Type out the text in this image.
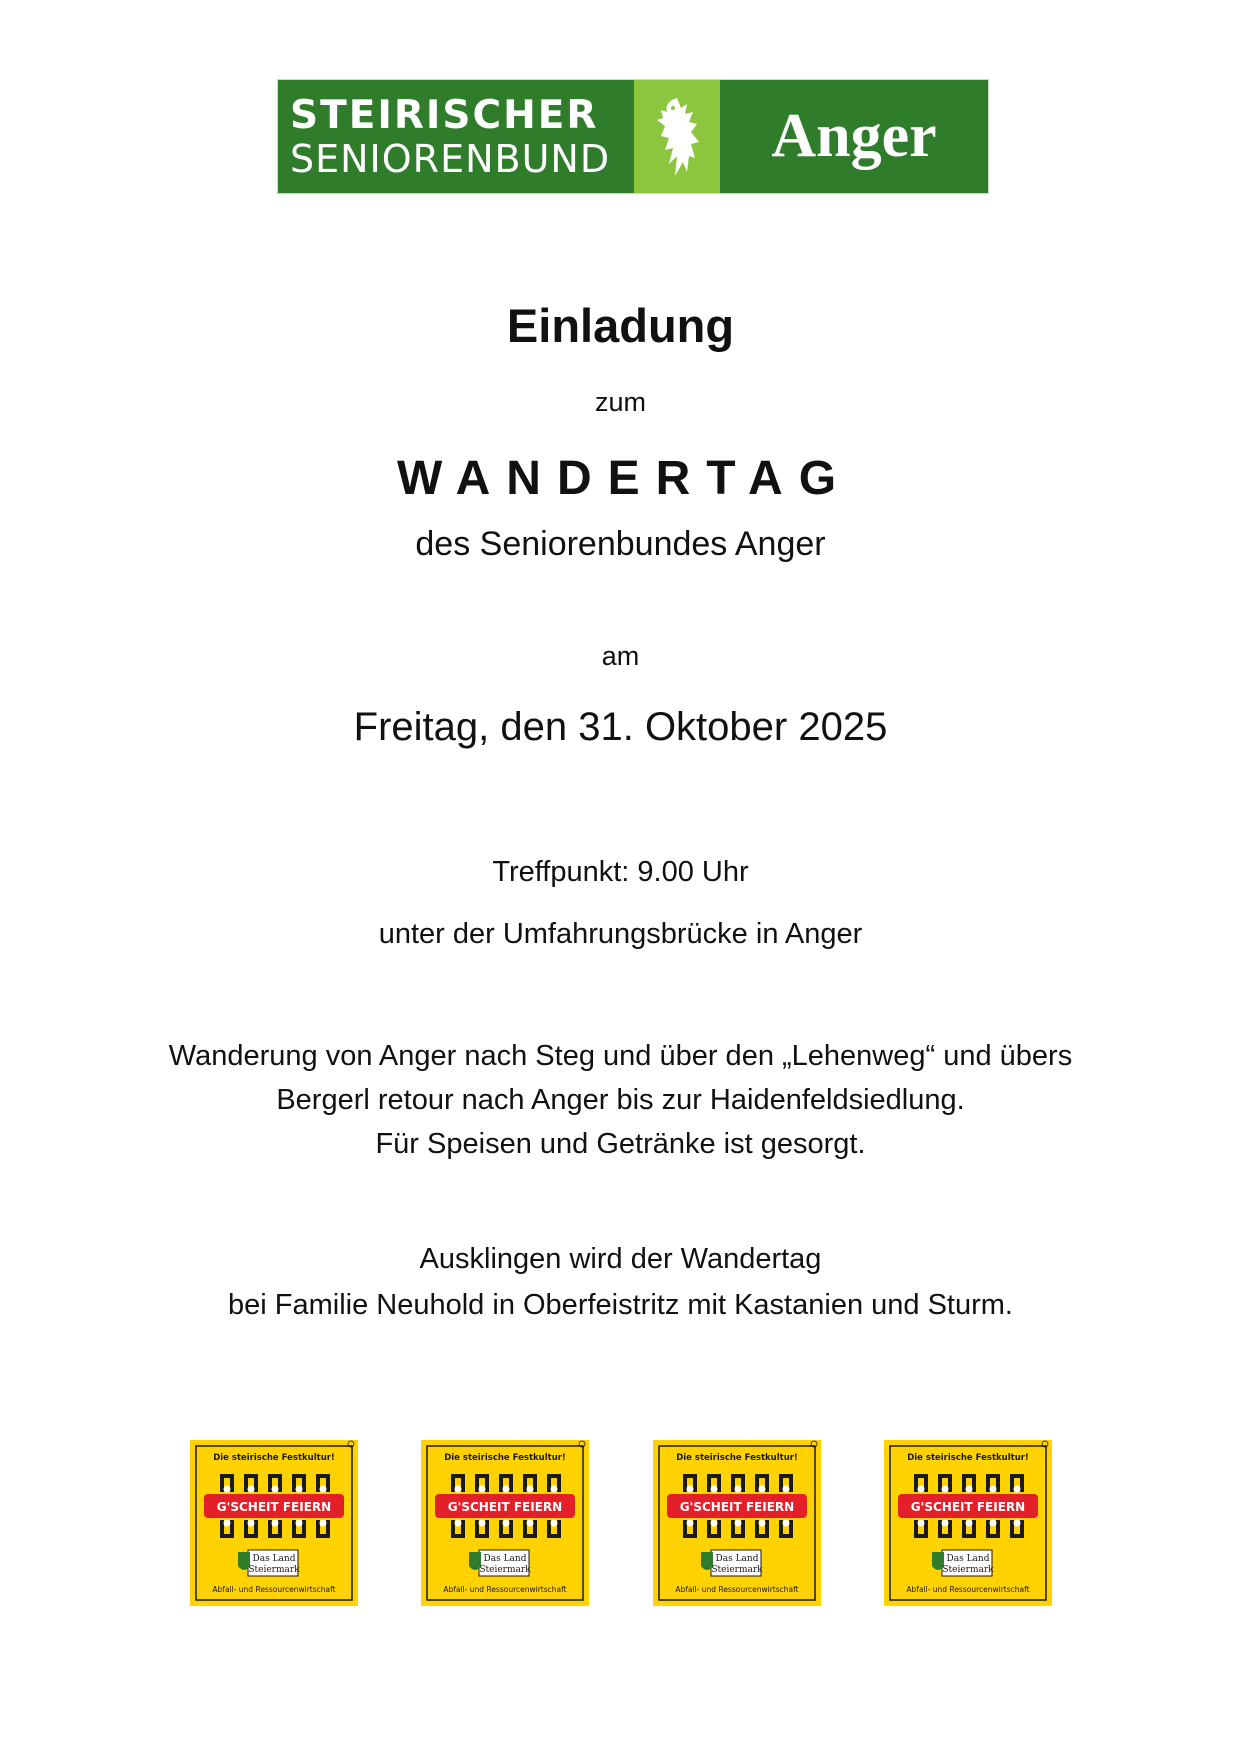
STEIRISCHER
SENIORENBUND	Anger
Einladung
zum
WANDERTAG
des Seniorenbundes Anger
am
Freitag, den 31. Oktober 2025
Treffpunkt: 9.00 Uhr
unter der Umfahrungsbrücke in Anger
Wanderung von Anger nach Steg und über den „Lehenweg“ und übers
Bergerl retour nach Anger bis zur Haidenfeldsiedlung.
Für Speisen und Getränke ist gesorgt.
Ausklingen wird der Wandertag
bei Familie Neuhold in Oberfeistritz mit Kastanien und Sturm.
Die steirische Festkultur!
G'SCHEIT FEIERN
Das Land
Steiermark
Abfall- und Ressourcenwirtschaft
Die steirische Festkultur!
G'SCHEIT FEIERN
Das Land
Steiermark
Abfall- und Ressourcenwirtschaft
Die steirische Festkultur!
G'SCHEIT FEIERN
Das Land
Steiermark
Abfall- und Ressourcenwirtschaft
Die steirische Festkultur!
G'SCHEIT FEIERN
Das Land
Steiermark
Abfall- und Ressourcenwirtschaft
